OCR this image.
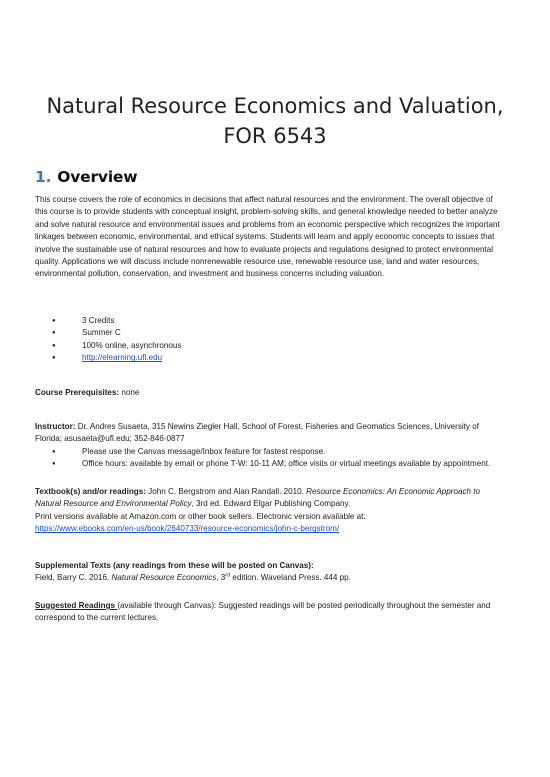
Natural Resource Economics and Valuation,
FOR 6543
1. Overview
This course covers the role of economics in decisions that affect natural resources and the environment. The overall objective of this course is to provide students with conceptual insight, problem-solving skills, and general knowledge needed to better analyze and solve natural resource and environmental issues and problems from an economic perspective which recognizes the important linkages between economic, environmental, and ethical systems. Students will learn and apply economic concepts to issues that involve the sustainable use of natural resources and how to evaluate projects and regulations designed to protect environmental quality. Applications we will discuss include nonrenewable resource use, renewable resource use, land and water resources, environmental pollution, conservation, and investment and business concerns including valuation.
● 3 Credits
● Summer C
● 100% online, asynchronous
● http://elearning.ufl.edu
Course Prerequisites: none
Instructor: Dr. Andres Susaeta, 315 Newins Ziegler Hall, School of Forest, Fisheries and Geomatics Sciences, University of Florida; asusaeta@ufl.edu; 352-846-0877
● Please use the Canvas message/Inbox feature for fastest response.
● Office hours: available by email or phone T-W: 10-11 AM; office visits or virtual meetings available by appointment.
Textbook(s) and/or readings: John C. Bergstrom and Alan Randall. 2010. Resource Economics: An Economic Approach to Natural Resource and Environmental Policy, 3rd ed. Edward Elgar Publishing Company.
Print versions available at Amazon.com or other book sellers. Electronic version available at:
https://www.ebooks.com/en-us/book/2640733/resource-economics/john-c-bergstrom/
Supplemental Texts (any readings from these will be posted on Canvas):
Field, Barry C. 2016. Natural Resource Economics, 3rd edition. Waveland Press. 444 pp.
Suggested Readings (available through Canvas): Suggested readings will be posted periodically throughout the semester and correspond to the current lectures.
